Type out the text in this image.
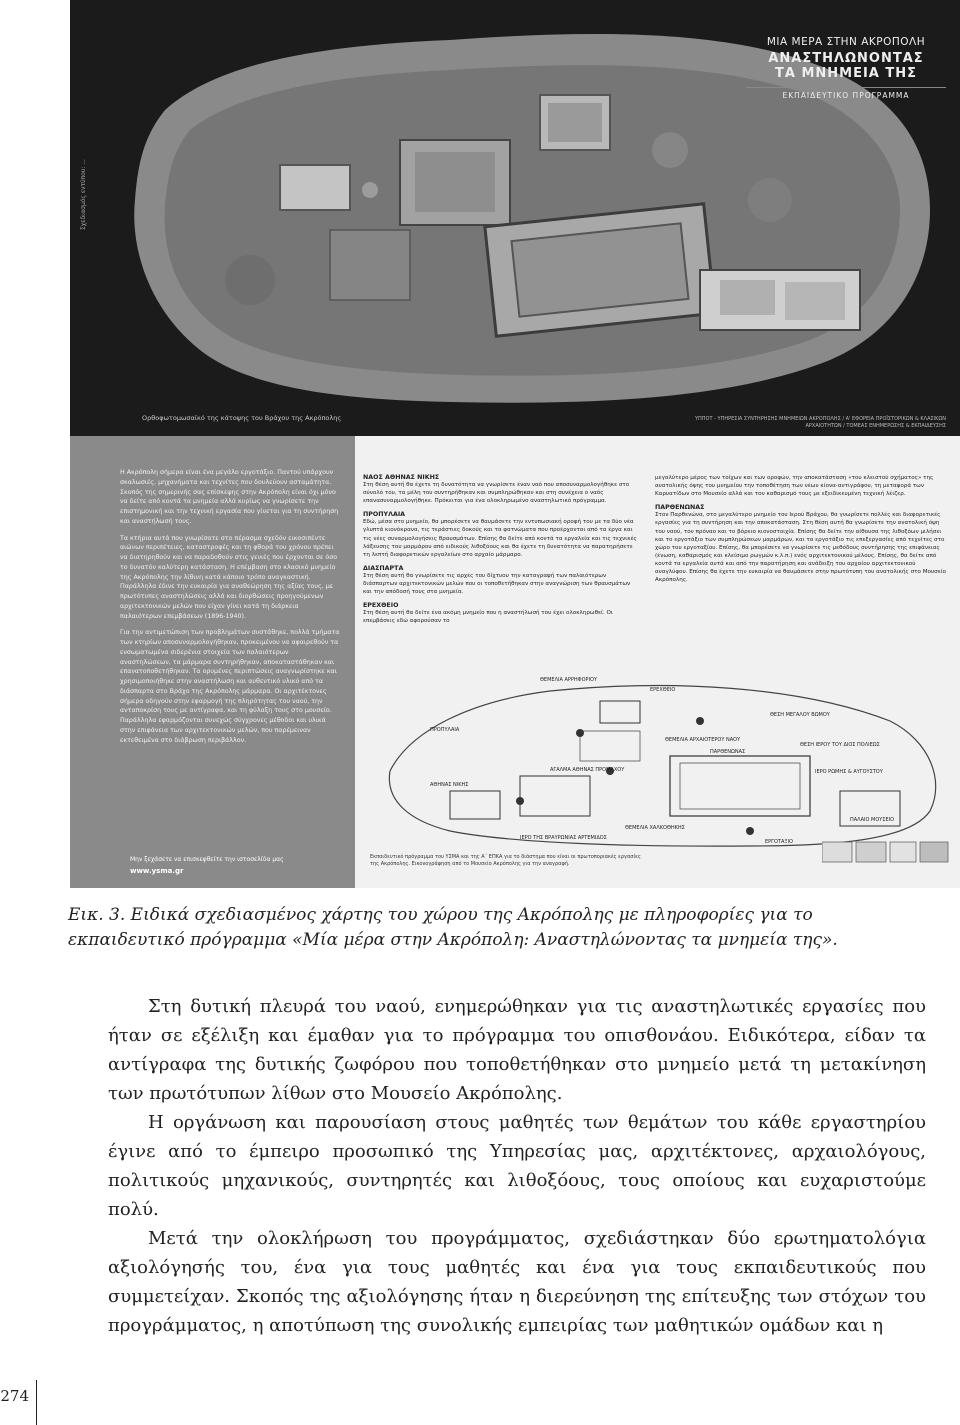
ΜΙΑ ΜΕΡΑ ΣΤΗΝ ΑΚΡΟΠΟΛΗ
ΑΝΑΣΤΗΛΩΝΟΝΤΑΣ
ΤΑ ΜΝΗΜΕΙΑ ΤΗΣ
ΕΚΠΑΙΔΕΥΤΙΚΟ ΠΡΟΓΡΑΜΜΑ
Σχεδιασμός εντύπου: ...
Ορθοφωτομωσαϊκό της κάτοψης του Βράχου της Ακρόπολης	ΥΠΠΟΤ - ΥΠΗΡΕΣΙΑ ΣΥΝΤΗΡΗΣΗΣ ΜΝΗΜΕΙΩΝ ΑΚΡΟΠΟΛΗΣ / Α' ΕΦΟΡΕΙΑ ΠΡΟΪΣΤΟΡΙΚΩΝ & ΚΛΑΣΙΚΩΝ ΑΡΧΑΙΟΤΗΤΩΝ / ΤΟΜΕΑΣ ΕΝΗΜΕΡΩΣΗΣ & ΕΚΠΑΙΔΕΥΣΗΣ

Η Ακρόπολη σήμερα είναι ένα μεγάλο εργοτάξιο. Παντού υπάρχουν σκαλωσιές, μηχανήματα και τεχνίτες που δουλεύουν ασταμάτητα. Σκοπός της σημερινής σας επίσκεψης στην Ακρόπολη είναι όχι μόνο να δείτε από κοντά τα μνημεία αλλά κυρίως να γνωρίσετε την επιστημονική και την τεχνική εργασία που γίνεται για τη συντήρηση και αναστήλωσή τους.

Τα κτήρια αυτά που γνωρίσατε στο πέρασμα σχεδόν εικοσιπέντε αιώνων περιπέτειες, καταστροφές και τη φθορά του χρόνου πρέπει να διατηρηθούν και να παραδοθούν στις γενιές που έρχονται σε όσο το δυνατόν καλύτερη κατάσταση. Η επέμβαση στο κλασικό μνημείο της Ακρόπολης την λίθινη κατά κάποιο τρόπο αναγκαστική. Παράλληλα έδινε την ευκαιρία για αναθεώρηση της αξίας τους, με πρωτότυπες αναστηλώσεις αλλά και διορθώσεις προηγούμενων αρχιτεκτονικών μελών που είχαν γίνει κατά τη διάρκεια παλαιότερων επεμβάσεων (1896-1940).

Για την αντιμετώπιση των προβλημάτων συστάθηκε, πολλά τμήματα των κτηρίων αποσυναρμολογήθηκαν, προκειμένου να αφαιρεθούν τα ενσωματωμένα σιδερένια στοιχεία των παλαιότερων αναστηλώσεων, τα μάρμαρα συντηρήθηκαν, αποκαταστάθηκαν και επανατοποθετήθηκαν. Τα ορυμένες περιπτώσεις αναγνωρίστηκε και χρησιμοποιήθηκε στην αναστήλωση και αυθεντικό υλικό από τα διάσπαρτα στο Βράχο της Ακρόπολης μάρμαρα. Οι αρχιτέκτονες σήμερα οδηγούν στην εφαρμογή της πληρότητας του ναού, την ανταποκρίση τους με αντίγραφα, και τη φύλαξη τους στο μουσείο. Παράλληλα εφαρμόζονται συνεχώς σύγχρονες μέθοδοι και υλικά στην επιφάνεια των αρχιτεκτονικών μελών, που παρέμειναν εκτεθειμένα στο διάβρωση περιβάλλον.

Μην ξεχάσετε να επισκεφθείτε την ιστοσελίδα μας
www.ysma.gr
ΝΑΟΣ ΑΘΗΝΑΣ ΝΙΚΗΣ
Στη θέση αυτή θα έχετε τη δυνατότητα να γνωρίσετε έναν ναό που αποσυναρμολογήθηκε στο σύνολό του, τα μέλη του συντηρήθηκαν και συμπληρώθηκαν και στη συνέχεια ο ναός επανασυναρμολογήθηκε. Πρόκειται για ένα ολοκληρωμένο αναστηλωτικό πρόγραμμα.
ΠΡΟΠΥΛΑΙΑ
Εδώ, μέσα στο μνημείο, θα μπορέσετε να θαυμάσετε την εντυπωσιακή οροφή του με τα δύο νέα γλυπτά κιονόκρανα, τις τεράστιες δοκούς και τα φατνώματα που προέρχονται από τα έργα και τις νέες συναρμολογήσεις θραυσμάτων. Επίσης θα δείτε από κοντά τα εργαλεία και τις τεχνικές λάξευσης του μαρμάρου από ειδικούς λιθοξόους και θα έχετε τη δυνατότητα να παρατηρήσετε τη λεπτή διαφορετικών εργαλείων στο αρχαίο μάρμαρο.
ΔΙΑΣΠΑΡΤΑ
Στη θέση αυτή θα γνωρίσετε τις αρχές του δίχτυου την καταγραφή των παλαιότερων διάσπαρτων αρχιτεκτονικών μελών που οι τοποθετήθηκαν στην αναγνώριση των θραυσμάτων και την απόδοσή τους στα μνημεία.
ΕΡΕΧΘΕΙΟ
Στη θέση αυτή θα δείτε ένα ακόμη μνημείο που η αναστήλωσή του έχει ολοκληρωθεί. Οι επεμβάσεις εδώ αφορούσαν το
μεγαλύτερο μέρος των τοίχων και των οροφών, την αποκατάσταση «του κλειστού σχήματος» της ανατολικής όψης του μνημείου την τοποθέτηση των νέων κίονα-αντιγράφου, τη μεταφορά των Καρυατίδων στο Μουσείο αλλά και τον καθαρισμό τους με εξειδικευμένη τεχνική λέιζερ.
ΠΑΡΘΕΝΩΝΑΣ
Στον Παρθενώνα, στο μεγαλύτερο μνημείο του Ιερού Βράχου, θα γνωρίσετε πολλές και διαφορετικές εργασίες για τη συντήρηση και την αποκατάσταση. Στη θέση αυτή θα γνωρίσετε την ανατολική όψη του ναού, τον πρόναο και το βόρειο κιονοστοιχία. Επίσης θα δείτε την αίθουσα της λιθοξόων μιλήσει και το εργοτάξιο των συμπληρώσεων μαρμάρων, και τα εργοτάξιο τις επεξεργασίες από τεχνίτες στο χώρο του εργοταξίου. Επίσης, θα μπορέσετε να γνωρίσετε τις μεθόδους συντήρησης της επιφάνειας (ένωση, καθαρισμός και κλείσιμο ρωγμών κ.λ.π.) ενός αρχιτεκτονικού μέλους. Επίσης, θα δείτε από κοντά τα εργαλεία αυτά και από την παρατήρηση και ανάδειξη του αρχαίου αρχιτεκτονικού αναγλύφου. Επίσης θα έχετε την ευκαιρία να θαυμάσετε στην πρωτότυπη του ανατολικής στο Μουσείο Ακρόπολης.
ΘΕΜΕΛΙΑ ΑΡΡΗΦΟΡΙΟΥ
ΕΡΕΧΘΕΙΟ
ΘΕΜΕΛΙΑ ΑΡΧΑΙΟΤΕΡΟΥ ΝΑΟΥ
ΘΕΣΗ ΜΕΓΑΛΟΥ ΒΩΜΟΥ
ΑΓΑΛΜΑ ΑΘΗΝΑΣ ΠΡΟΜΑΧΟΥ
ΘΕΣΗ ΙΕΡΟΥ ΤΟΥ ΔΙΟΣ ΠΟΛΙΕΩΣ
ΠΑΡΘΕΝΩΝΑΣ
ΙΕΡΟ ΡΩΜΗΣ & ΑΥΓΟΥΣΤΟΥ
ΠΡΟΠΥΛΑΙΑ
ΙΕΡΟ ΤΗΣ ΒΡΑΥΡΩΝΙΑΣ ΑΡΤΕΜΙΔΟΣ
ΘΕΜΕΛΙΑ ΧΑΛΚΟΘΗΚΗΣ
ΠΑΛΑΙΟ ΜΟΥΣΕΙΟ
ΕΡΓΟΤΑΞΙΟ
ΑΘΗΝΑΣ ΝΙΚΗΣ
Εκπαιδευτικό πρόγραμμα του ΥΣΜΑ και της Α΄ ΕΠΚΑ για το διάστημα που είναι οι πρωτοποριακές εργασίες της Ακρόπολης. Εικονογράφηση από το Μουσείο Ακρόπολης για την αναγραφή.
Εικ. 3. Ειδικά σχεδιασμένος χάρτης του χώρου της Ακρόπολης με πληροφορίες για το εκπαιδευτικό πρόγραμμα «Μία μέρα στην Ακρόπολη: Αναστηλώνοντας τα μνημεία της».

Στη δυτική πλευρά του ναού, ενημερώθηκαν για τις αναστηλωτικές εργασίες που ήταν σε εξέλιξη και έμαθαν για το πρόγραμμα του οπισθονάου. Ειδικότερα, είδαν τα αντίγραφα της δυτικής ζωφόρου που τοποθετήθηκαν στο μνημείο μετά τη μετακίνηση των πρωτότυπων λίθων στο Μουσείο Ακρόπολης.

Η οργάνωση και παρουσίαση στους μαθητές των θεμάτων του κάθε εργαστηρίου έγινε από το έμπειρο προσωπικό της Υπηρεσίας μας, αρχιτέκτονες, αρχαιολόγους, πολιτικούς μηχανικούς, συντηρητές και λιθοξόους, τους οποίους και ευχαριστούμε πολύ.

Μετά την ολοκλήρωση του προγράμματος, σχεδιάστηκαν δύο ερωτηματολόγια αξιολόγησής του, ένα για τους μαθητές και ένα για τους εκπαιδευτικούς που συμμετείχαν. Σκοπός της αξιολόγησης ήταν η διερεύνηση της επίτευξης των στόχων του προγράμματος, η αποτύπωση της συνολικής εμπειρίας των μαθητικών ομάδων και η

274
